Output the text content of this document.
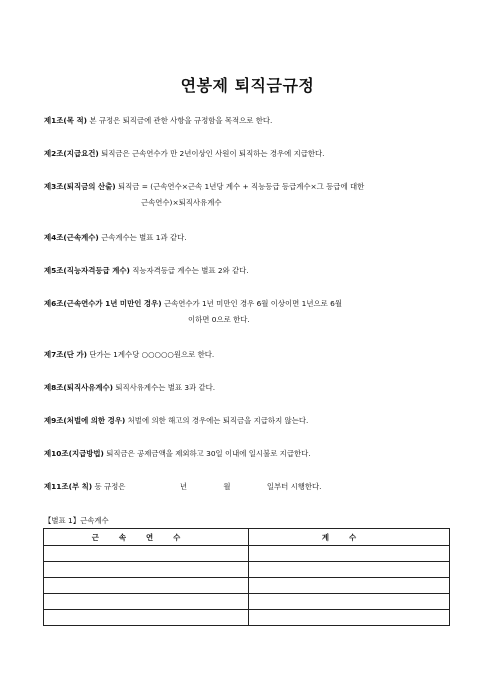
연봉제 퇴직금규정
제1조(목 적) 본 규정은 퇴직금에 관한 사항을 규정함을 목적으로 한다.
제2조(지급요건) 퇴직금은 근속연수가 만 2년이상인 사원이 퇴직하는 경우에 지급한다.
제3조(퇴직금의 산출) 퇴직금 = (근속연수×근속 1년당 계수 + 직능등급 등급계수×그 등급에 대한
근속연수)×퇴직사유계수
제4조(근속계수) 근속계수는 별표 1과 같다.
제5조(직능자격등급 계수) 직능자격등급 계수는 별표 2와 같다.
제6조(근속연수가 1년 미만인 경우) 근속연수가 1년 미만인 경우 6월 이상이면 1년으로 6월
이하면 0으로 한다.
제7조(단 가) 단가는 1계수당 ○○○○○원으로 한다.
제8조(퇴직사유계수) 퇴직사유계수는 별표 3과 같다.
제9조(처벌에 의한 경우) 처벌에 의한 해고의 경우에는 퇴직금을 지급하지 않는다.
제10조(지급방법) 퇴직금은 공제금액을 제외하고 30일 이내에 일시불로 지급한다.
제11조(부 칙) 동 규정은	년	월	일부터 시행한다.
【별표 1】근속계수
근속연수	계수
